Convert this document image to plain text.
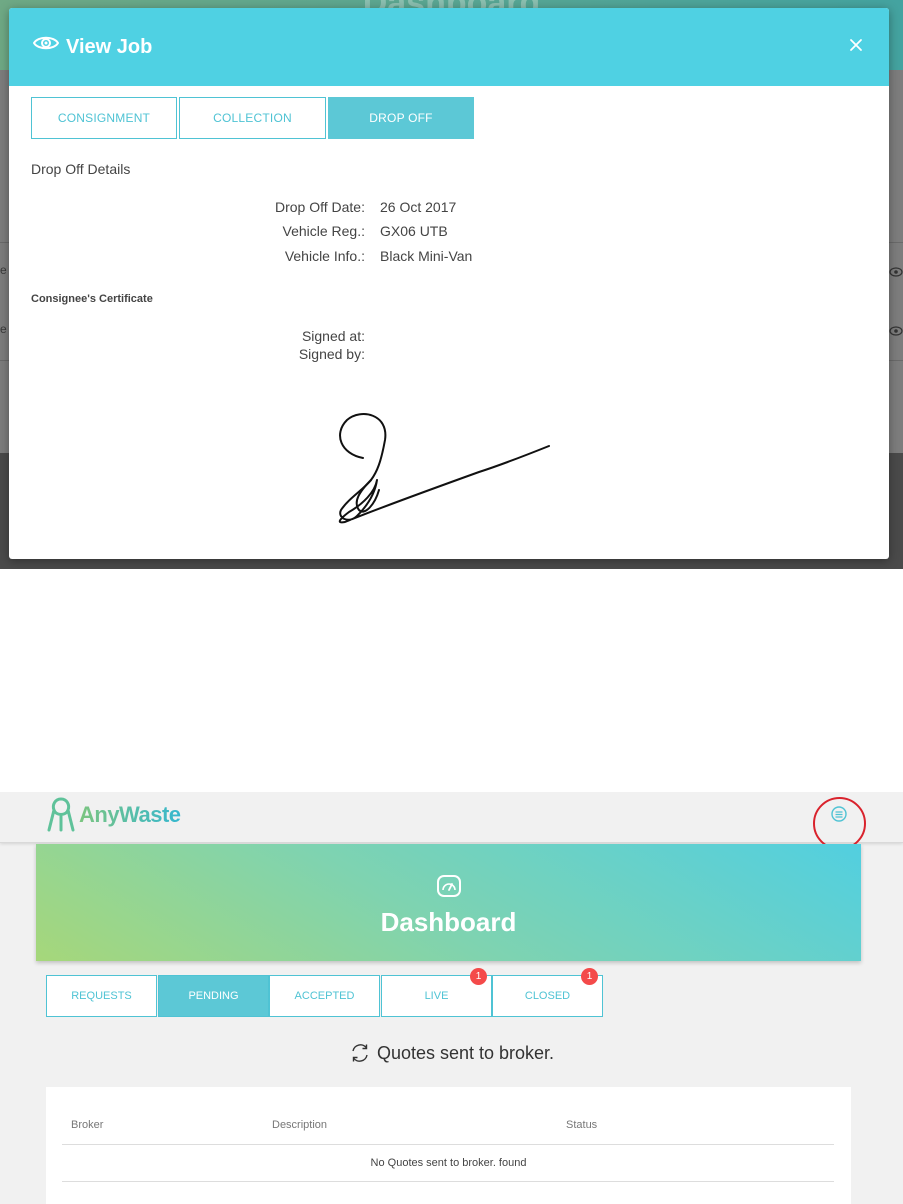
e
e
View Job
CONSIGNMENT	COLLECTION	DROP OFF
Drop Off Details
Drop Off Date: 26 Oct 2017
Vehicle Reg.: GX06 UTB
Vehicle Info.: Black Mini-Van
Consignee's Certificate
Signed at:
Signed by:
AnyWaste
Dashboard
REQUESTS	PENDING	ACCEPTED	LIVE
1
CLOSED
1
Quotes sent to broker.
Broker	Description	Status
No Quotes sent to broker. found
